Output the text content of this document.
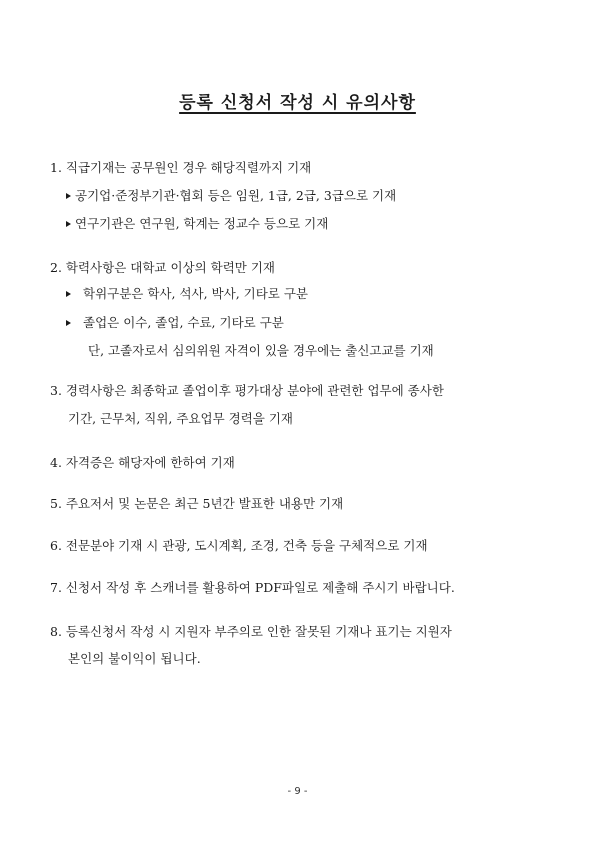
등록 신청서 작성 시 유의사항
1. 직급기재는 공무원인 경우 해당직렬까지 기재
공기업·준정부기관·협회 등은 임원, 1급, 2급, 3급으로 기재
연구기관은 연구원, 학계는 정교수 등으로 기재
2. 학력사항은 대학교 이상의 학력만 기재
학위구분은 학사, 석사, 박사, 기타로 구분
졸업은 이수, 졸업, 수료, 기타로 구분
단, 고졸자로서 심의위원 자격이 있을 경우에는 출신고교를 기재
3. 경력사항은 최종학교 졸업이후 평가대상 분야에 관련한 업무에 종사한
기간, 근무처, 직위, 주요업무 경력을 기재
4. 자격증은 해당자에 한하여 기재
5. 주요저서 및 논문은 최근 5년간 발표한 내용만 기재
6. 전문분야 기재 시 관광, 도시계획, 조경, 건축 등을 구체적으로 기재
7. 신청서 작성 후 스캐너를 활용하여 PDF파일로 제출해 주시기 바랍니다.
8. 등록신청서 작성 시 지원자 부주의로 인한 잘못된 기재나 표기는 지원자
본인의 불이익이 됩니다.
- 9 -
